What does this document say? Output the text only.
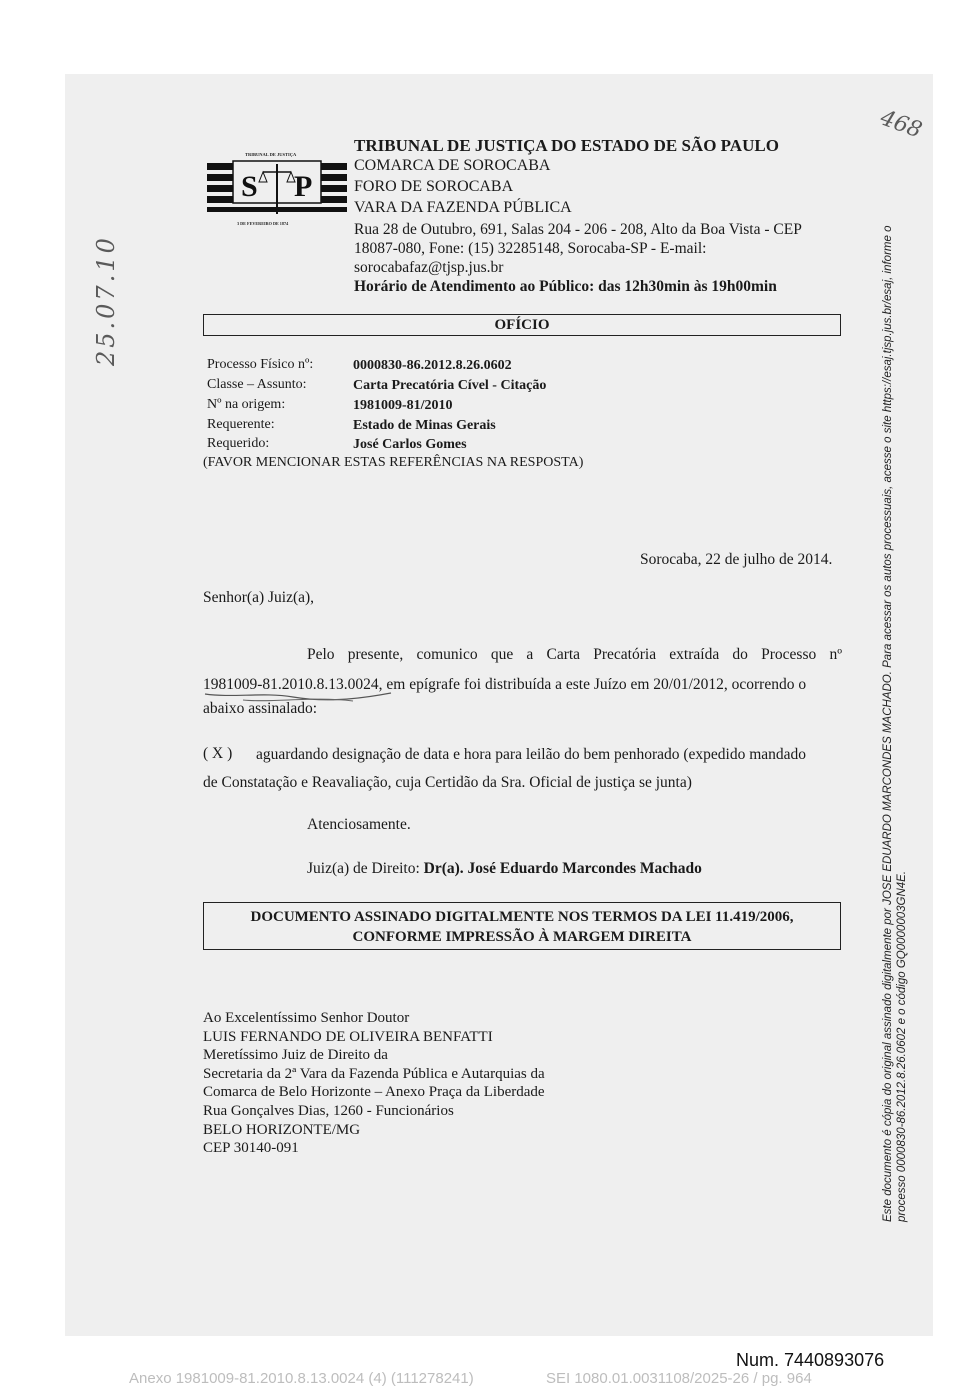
TRIBUNAL DE JUSTIÇA
S P
3 DE FEVEREIRO DE 1874
TRIBUNAL DE JUSTIÇA DO ESTADO DE SÃO PAULO
COMARCA DE SOROCABA
FORO DE SOROCABA
VARA DA FAZENDA PÚBLICA
Rua 28 de Outubro, 691, Salas 204 - 206 - 208, Alto da Boa Vista - CEP 18087-080, Fone: (15) 32285148, Sorocaba-SP - E-mail: sorocabafaz@tjsp.jus.br
Horário de Atendimento ao Público: das 12h30min às 19h00min
OFÍCIO
Processo Físico nº:	0000830-86.2012.8.26.0602
Classe – Assunto:	Carta Precatória Cível - Citação
Nº na origem:	1981009-81/2010
Requerente:	Estado de Minas Gerais
Requerido:	José Carlos Gomes
(FAVOR MENCIONAR ESTAS REFERÊNCIAS NA RESPOSTA)
Sorocaba, 22 de julho de 2014.
Senhor(a) Juiz(a),
Pelo presente, comunico que a Carta Precatória extraída do Processo nº
1981009-81.2010.8.13.0024, em epígrafe foi distribuída a este Juízo em 20/01/2012, ocorrendo o
abaixo assinalado:
( X ) aguardando designação de data e hora para leilão do bem penhorado (expedido mandado
de Constatação e Reavaliação, cuja Certidão da Sra. Oficial de justiça se junta)
Atenciosamente.
Juiz(a) de Direito: Dr(a). José Eduardo Marcondes Machado
DOCUMENTO ASSINADO DIGITALMENTE NOS TERMOS DA LEI 11.419/2006,
CONFORME IMPRESSÃO À MARGEM DIREITA
Ao Excelentíssimo Senhor Doutor
LUIS FERNANDO DE OLIVEIRA BENFATTI
Meretíssimo Juiz de Direito da
Secretaria da 2ª Vara da Fazenda Pública e Autarquias da
Comarca de Belo Horizonte – Anexo Praça da Liberdade
Rua Gonçalves Dias, 1260 - Funcionários
BELO HORIZONTE/MG
CEP 30140-091	Este documento é cópia do original assinado digitalmente por JOSE EDUARDO MARCONDES MACHADO. Para acessar os autos processuais, acesse o site https://esaj.tjsp.jus.br/esaj, informe o processo 0000830-86.2012.8.26.0602 e o código GQ0000003GN4E.
468
25.07.10
Num. 7440893076
Anexo 1981009-81.2010.8.13.0024 (4) (111278241)	SEI 1080.01.0031108/2025-26 / pg. 964
